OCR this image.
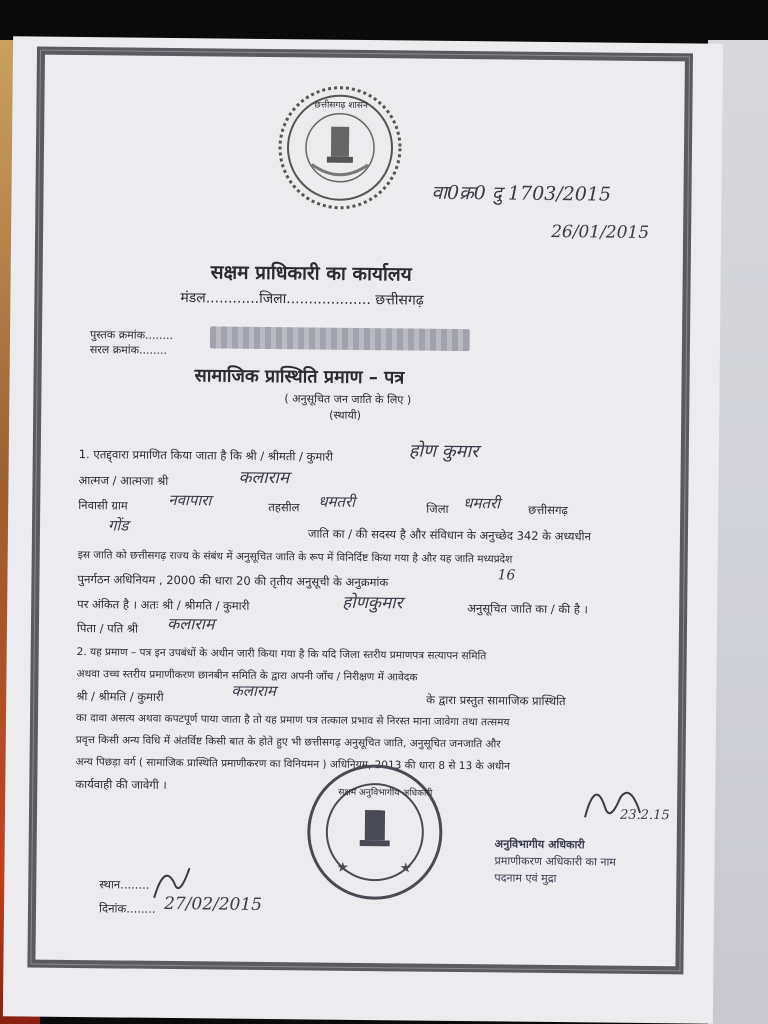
छत्तीसगढ़ शासन
वा0क्र0 दु 1703/2015
26/01/2015
सक्षम प्राधिकारी का कार्यालय
मंडल............जिला................... छत्तीसगढ़
पुस्तक क्रमांक........
सरल क्रमांक........
सामाजिक प्रास्थिति प्रमाण – पत्र
( अनुसूचित जन जाति के लिए )
(स्थायी)
1. एतद्द्वारा प्रमाणित किया जाता है कि श्री / श्रीमती / कुमारी	होण कुमार
आत्मज / आत्मजा श्री	कलाराम
निवासी ग्राम	नवापारा	तहसील धमतरी	जिला धमतरी छत्तीसगढ़
गोंड
जाति का / की सदस्य है और संविधान के अनुच्छेद 342 के अध्यधीन
इस जाति को छत्तीसगढ़ राज्य के संबंध में अनुसूचित जाति के रूप में विनिर्दिष्ट किया गया है और यह जाति मध्यप्रदेश
पुनर्गठन अधिनियम , 2000 की धारा 20 की तृतीय अनुसूची के अनुक्रमांक	16
पर अंकित है । अतः श्री / श्रीमति / कुमारी	होणकुमार	अनुसूचित जाति का / की है ।
पिता / पति श्री कलाराम
2. यह प्रमाण – पत्र इन उपबंधों के अधीन जारी किया गया है कि यदि जिला स्तरीय प्रमाणपत्र सत्यापन समिति
अथवा उच्च स्तरीय प्रमाणीकरण छानबीन समिति के द्वारा अपनी जाँच / निरीक्षण में आवेदक
श्री / श्रीमति / कुमारी	कलाराम
के द्वारा प्रस्तुत सामाजिक प्रास्थिति
का दावा असत्य अथवा कपटपूर्ण पाया जाता है तो यह प्रमाण पत्र तत्काल प्रभाव से निरस्त माना जावेगा तथा तत्समय
प्रवृत्त किसी अन्य विधि में अंतर्विष्ट किसी बात के होते हुए भी छत्तीसगढ़ अनुसूचित जाति, अनुसूचित जनजाति और
अन्य पिछड़ा वर्ग ( सामाजिक प्रास्थिति प्रमाणीकरण का विनियमन ) अधिनियम, 2013 की धारा 8 से 13 के अधीन
कार्यवाही की जावेगी ।
★	★
सक्षम अनुविभागीय अधिकारी
स्थान........
दिनांक........ 27/02/2015
23.2.15
अनुविभागीय अधिकारी
प्रमाणीकरण अधिकारी का नाम
पदनाम एवं मुद्रा
